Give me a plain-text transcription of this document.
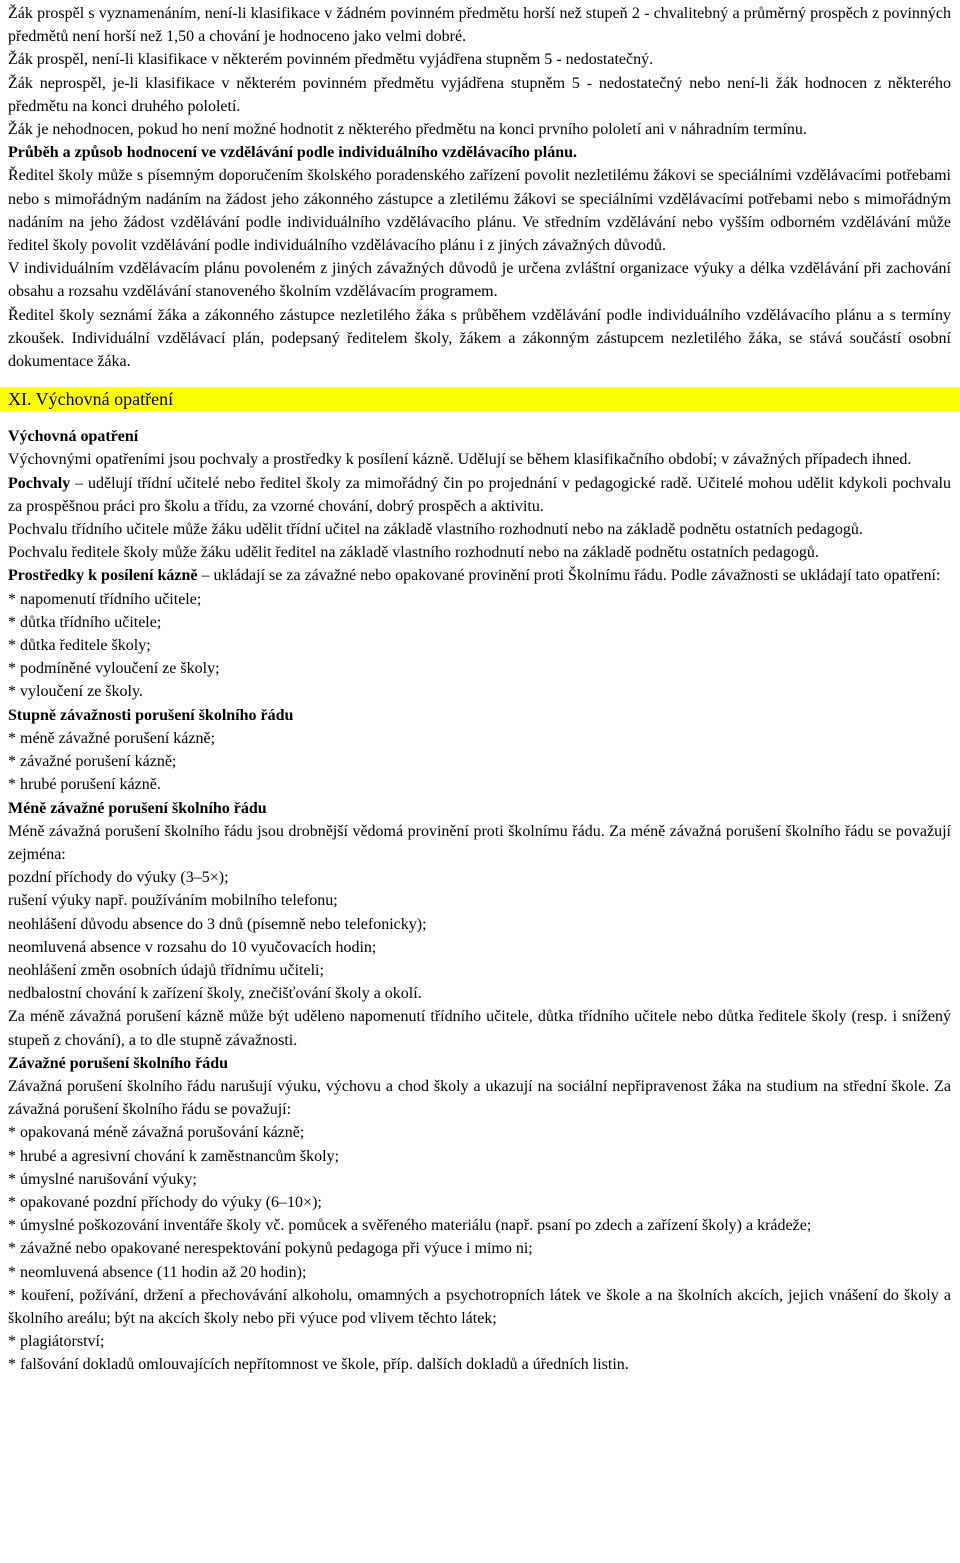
Žák prospěl s vyznamenáním, není-li klasifikace v žádném povinném předmětu horší než stupeň 2 - chvalitebný a průměrný prospěch z povinných předmětů není horší než 1,50 a chování je hodnoceno jako velmi dobré.

Žák prospěl, není-li klasifikace v některém povinném předmětu vyjádřena stupněm 5 - nedostatečný.

Žák neprospěl, je-li klasifikace v některém povinném předmětu vyjádřena stupněm 5 - nedostatečný nebo není-li žák hodnocen z některého předmětu na konci druhého pololetí.

Žák je nehodnocen, pokud ho není možné hodnotit z některého předmětu na konci prvního pololetí ani v náhradním termínu.

Průběh a způsob hodnocení ve vzdělávání podle individuálního vzdělávacího plánu.

Ředitel školy může s písemným doporučením školského poradenského zařízení povolit nezletilému žákovi se speciálními vzdělávacími potřebami nebo s mimořádným nadáním na žádost jeho zákonného zástupce a zletilému žákovi se speciálními vzdělávacími potřebami nebo s mimořádným nadáním na jeho žádost vzdělávání podle individuálního vzdělávacího plánu. Ve středním vzdělávání nebo vyšším odborném vzdělávání může ředitel školy povolit vzdělávání podle individuálního vzdělávacího plánu i z jiných závažných důvodů.

V individuálním vzdělávacím plánu povoleném z jiných závažných důvodů je určena zvláštní organizace výuky a délka vzdělávání při zachování obsahu a rozsahu vzdělávání stanoveného školním vzdělávacím programem.

Ředitel školy seznámí žáka a zákonného zástupce nezletilého žáka s průběhem vzdělávání podle individuálního vzdělávacího plánu a s termíny zkoušek. Individuální vzdělávací plán, podepsaný ředitelem školy, žákem a zákonným zástupcem nezletilého žáka, se stává součástí osobní dokumentace žáka.

XI. Výchovná opatření

Výchovná opatření

Výchovnými opatřeními jsou pochvaly a prostředky k posílení kázně. Udělují se během klasifikačního období; v závažných případech ihned.

Pochvaly – udělují třídní učitelé nebo ředitel školy za mimořádný čin po projednání v pedagogické radě. Učitelé mohou udělit kdykoli pochvalu za prospěšnou práci pro školu a třídu, za vzorné chování, dobrý prospěch a aktivitu.

Pochvalu třídního učitele může žáku udělit třídní učitel na základě vlastního rozhodnutí nebo na základě podnětu ostatních pedagogů.

Pochvalu ředitele školy může žáku udělit ředitel na základě vlastního rozhodnutí nebo na základě podnětu ostatních pedagogů.

Prostředky k posílení kázně – ukládají se za závažné nebo opakované provinění proti Školnímu řádu. Podle závažnosti se ukládají tato opatření:

* napomenutí třídního učitele;

* důtka třídního učitele;

* důtka ředitele školy;

* podmíněné vyloučení ze školy;

* vyloučení ze školy.

Stupně závažnosti porušení školního řádu

* méně závažné porušení kázně;

* závažné porušení kázně;

* hrubé porušení kázně.

Méně závažné porušení školního řádu

Méně závažná porušení školního řádu jsou drobnější vědomá provinění proti školnímu řádu. Za méně závažná porušení školního řádu se považují zejména:

pozdní příchody do výuky (3–5×);

rušení výuky např. používáním mobilního telefonu;

neohlášení důvodu absence do 3 dnů (písemně nebo telefonicky);

neomluvená absence v rozsahu do 10 vyučovacích hodin;

neohlášení změn osobních údajů třídnímu učiteli;

nedbalostní chování k zařízení školy, znečišťování školy a okolí.

Za méně závažná porušení kázně může být uděleno napomenutí třídního učitele, důtka třídního učitele nebo důtka ředitele školy (resp. i snížený stupeň z chování), a to dle stupně závažnosti.

Závažné porušení školního řádu

Závažná porušení školního řádu narušují výuku, výchovu a chod školy a ukazují na sociální nepřipravenost žáka na studium na střední škole. Za závažná porušení školního řádu se považují:

* opakovaná méně závažná porušování kázně;

* hrubé a agresivní chování k zaměstnancům školy;

* úmyslné narušování výuky;

* opakované pozdní příchody do výuky (6–10×);

* úmyslné poškozování inventáře školy vč. pomůcek a svěřeného materiálu (např. psaní po zdech a zařízení školy) a krádeže;

* závažné nebo opakované nerespektování pokynů pedagoga při výuce i mimo ni;

* neomluvená absence (11 hodin až 20 hodin);

* kouření, požívání, držení a přechovávání alkoholu, omamných a psychotropních látek ve škole a na školních akcích, jejich vnášení do školy a školního areálu; být na akcích školy nebo při výuce pod vlivem těchto látek;

* plagiátorství;

* falšování dokladů omlouvajících nepřítomnost ve škole, příp. dalších dokladů a úředních listin.
